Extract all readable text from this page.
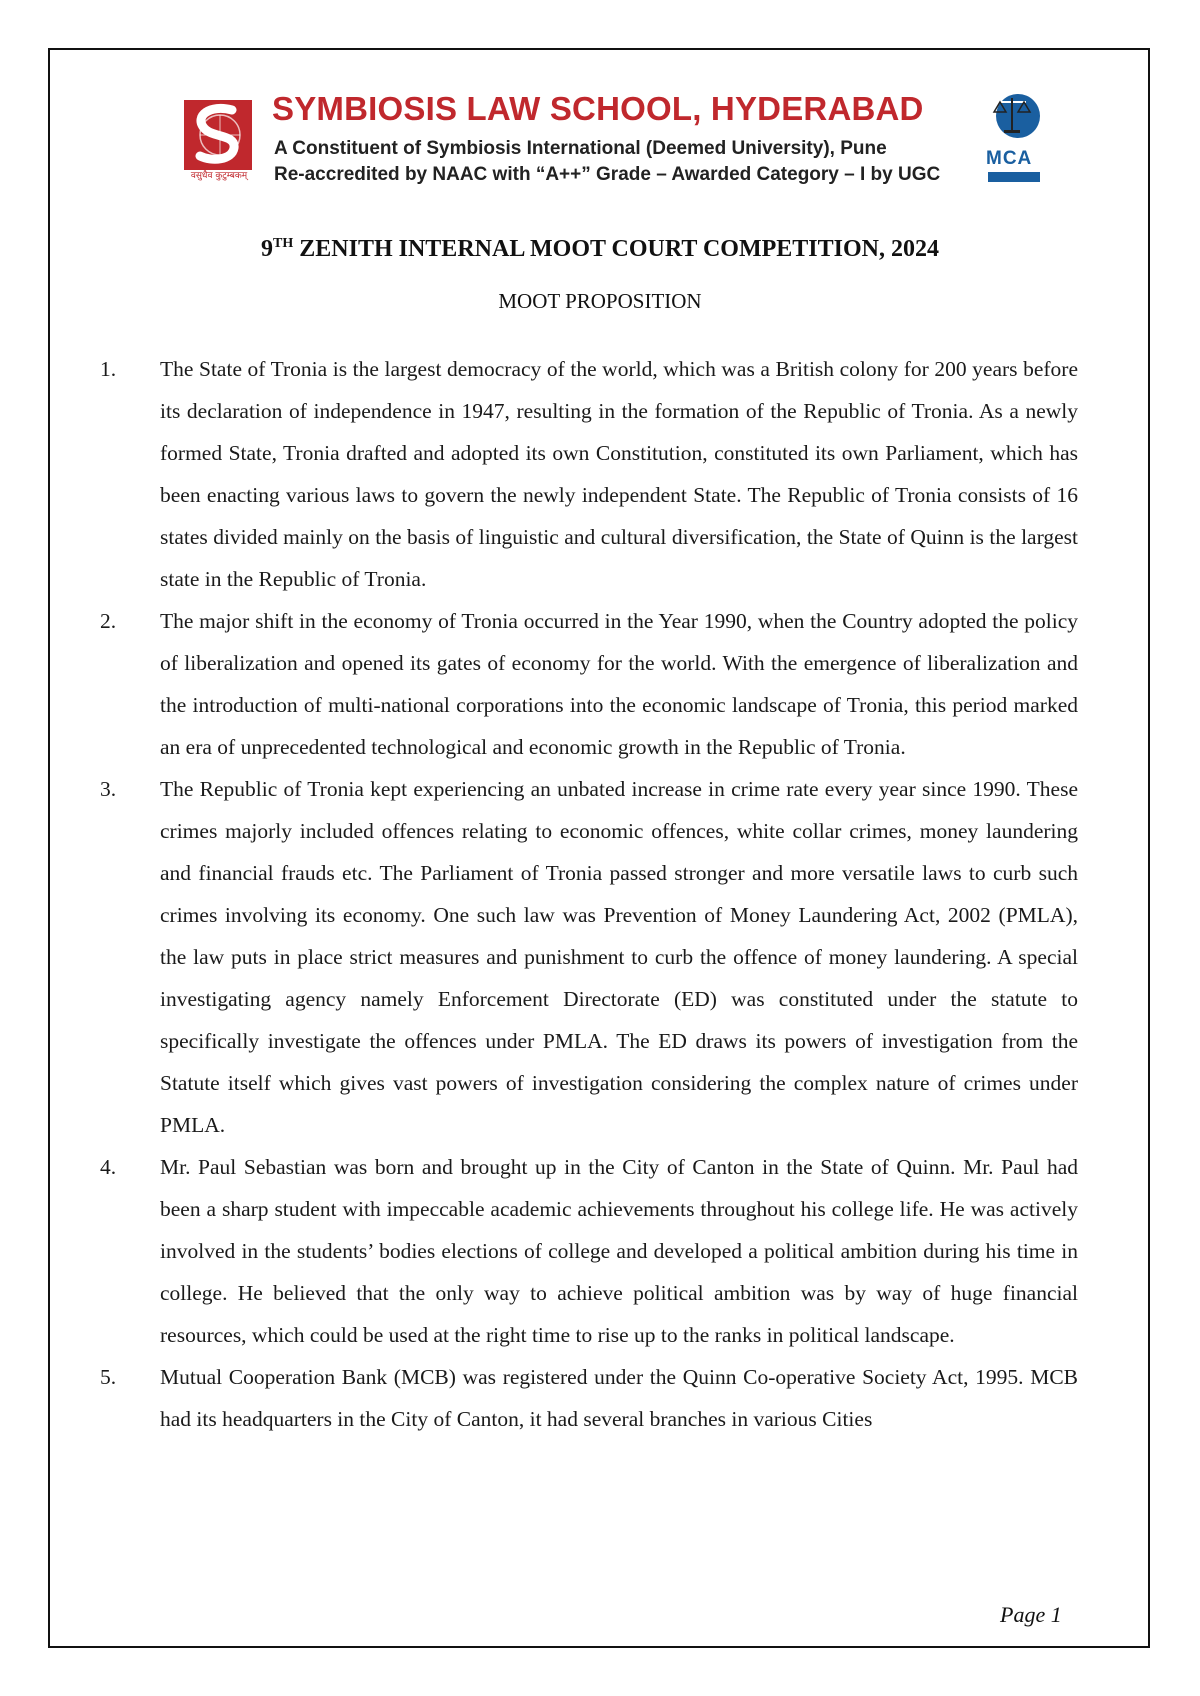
वसुधैव कुटुम्बकम्
SYMBIOSIS LAW SCHOOL, HYDERABAD
A Constituent of Symbiosis International (Deemed University), Pune
Re-accredited by NAAC with “A++” Grade – Awarded Category – I by UGC
MCA
9TH ZENITH INTERNAL MOOT COURT COMPETITION, 2024
MOOT PROPOSITION
1.	The State of Tronia is the largest democracy of the world, which was a British colony for 200 years before its declaration of independence in 1947, resulting in the formation of the Republic of Tronia. As a newly formed State, Tronia drafted and adopted its own Constitution, constituted its own Parliament, which has been enacting various laws to govern the newly independent State. The Republic of Tronia consists of 16 states divided mainly on the basis of linguistic and cultural diversification, the State of Quinn is the largest state in the Republic of Tronia.

2.	The major shift in the economy of Tronia occurred in the Year 1990, when the Country adopted the policy of liberalization and opened its gates of economy for the world. With the emergence of liberalization and the introduction of multi-national corporations into the economic landscape of Tronia, this period marked an era of unprecedented technological and economic growth in the Republic of Tronia.

3.	The Republic of Tronia kept experiencing an unbated increase in crime rate every year since 1990. These crimes majorly included offences relating to economic offences, white collar crimes, money laundering and financial frauds etc. The Parliament of Tronia passed stronger and more versatile laws to curb such crimes involving its economy. One such law was Prevention of Money Laundering Act, 2002 (PMLA), the law puts in place strict measures and punishment to curb the offence of money laundering. A special investigating agency namely Enforcement Directorate (ED) was constituted under the statute to specifically investigate the offences under PMLA. The ED draws its powers of investigation from the Statute itself which gives vast powers of investigation considering the complex nature of crimes under PMLA.

4.	Mr. Paul Sebastian was born and brought up in the City of Canton in the State of Quinn. Mr. Paul had been a sharp student with impeccable academic achievements throughout his college life. He was actively involved in the students’ bodies elections of college and developed a political ambition during his time in college. He believed that the only way to achieve political ambition was by way of huge financial resources, which could be used at the right time to rise up to the ranks in political landscape.

5.	Mutual Cooperation Bank (MCB) was registered under the Quinn Co-operative Society Act, 1995. MCB had its headquarters in the City of Canton, it had several branches in various Cities

Page 1
